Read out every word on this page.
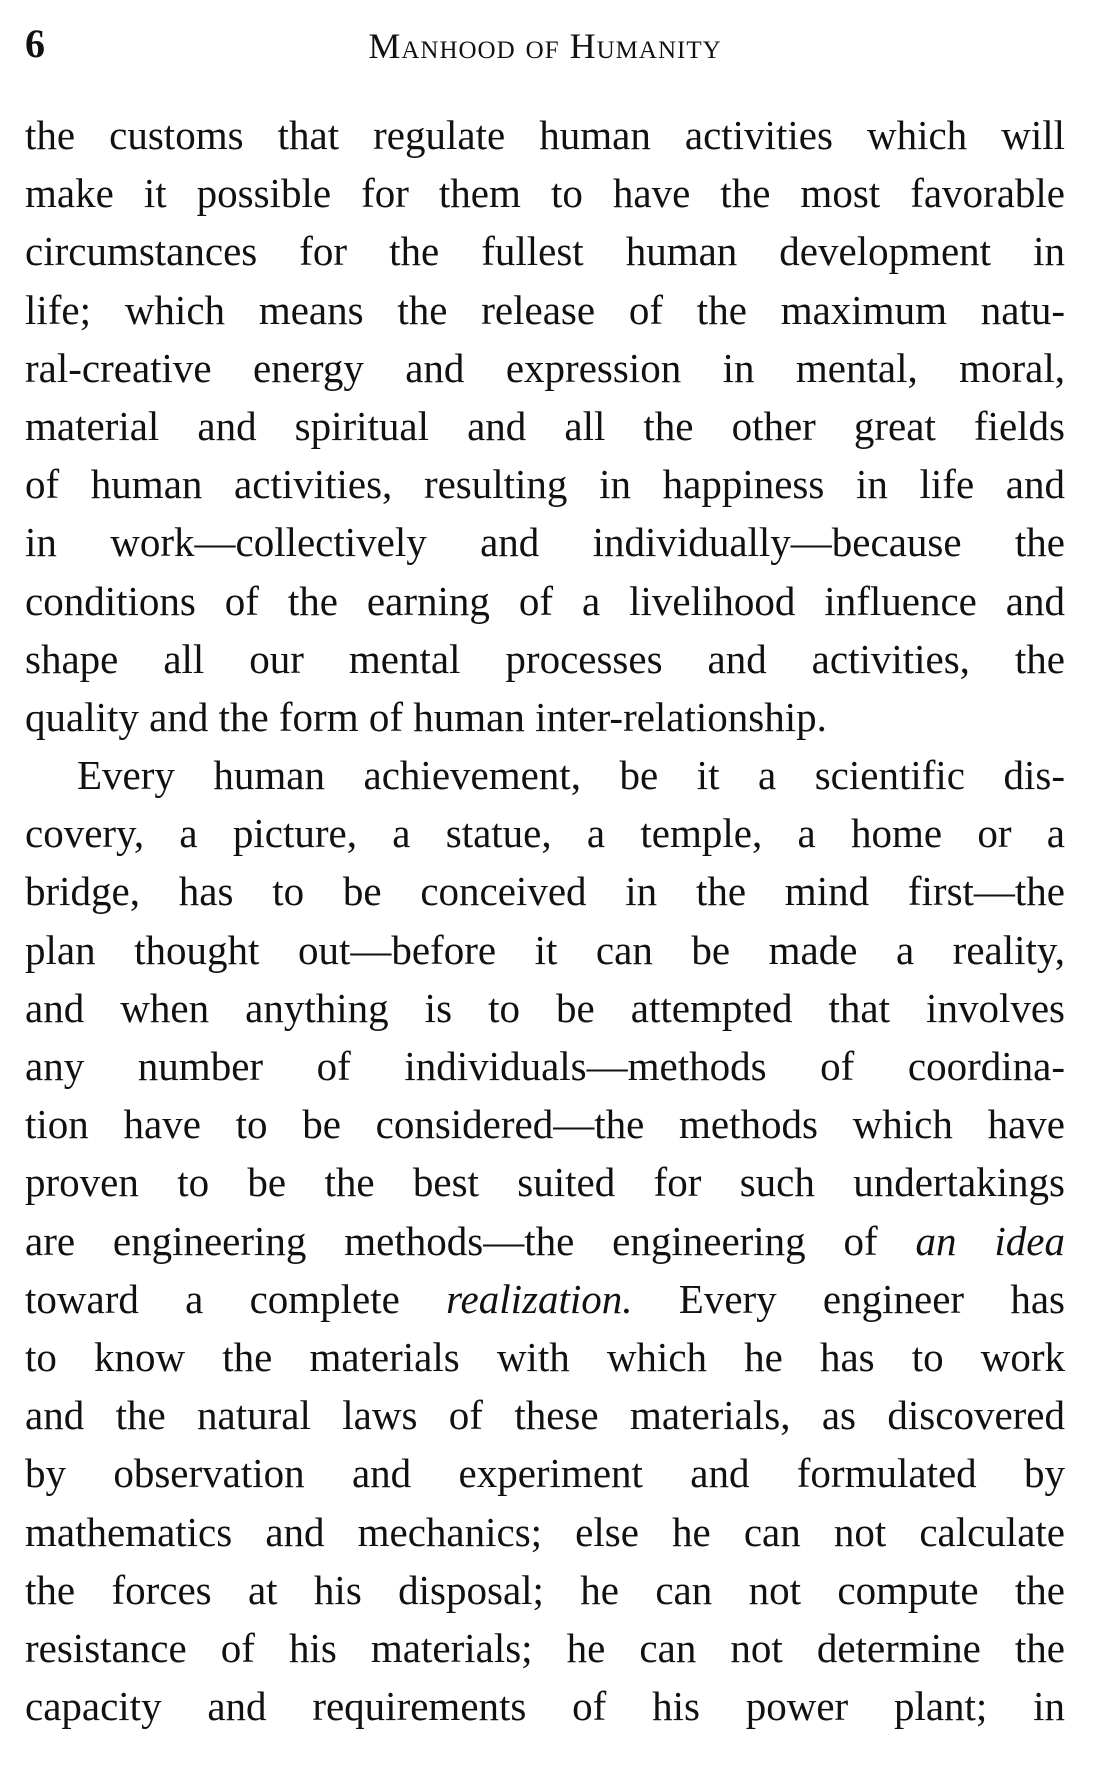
6	Manhood of Humanity
the customs that regulate human activities which will
make it possible for them to have the most favorable
circumstances for the fullest human development in
life; which means the release of the maximum natu-
ral-creative energy and expression in mental, moral,
material and spiritual and all the other great fields
of human activities, resulting in happiness in life and
in work—collectively and individually—because the
conditions of the earning of a livelihood influence and
shape all our mental processes and activities, the
quality and the form of human inter-relationship.
Every human achievement, be it a scientific dis-
covery, a picture, a statue, a temple, a home or a
bridge, has to be conceived in the mind first—the
plan thought out—before it can be made a reality,
and when anything is to be attempted that involves
any number of individuals—methods of coordina-
tion have to be considered—the methods which have
proven to be the best suited for such undertakings
are engineering methods—the engineering of an idea
toward a complete realization. Every engineer has
to know the materials with which he has to work
and the natural laws of these materials, as discovered
by observation and experiment and formulated by
mathematics and mechanics; else he can not calculate
the forces at his disposal; he can not compute the
resistance of his materials; he can not determine the
capacity and requirements of his power plant; in
